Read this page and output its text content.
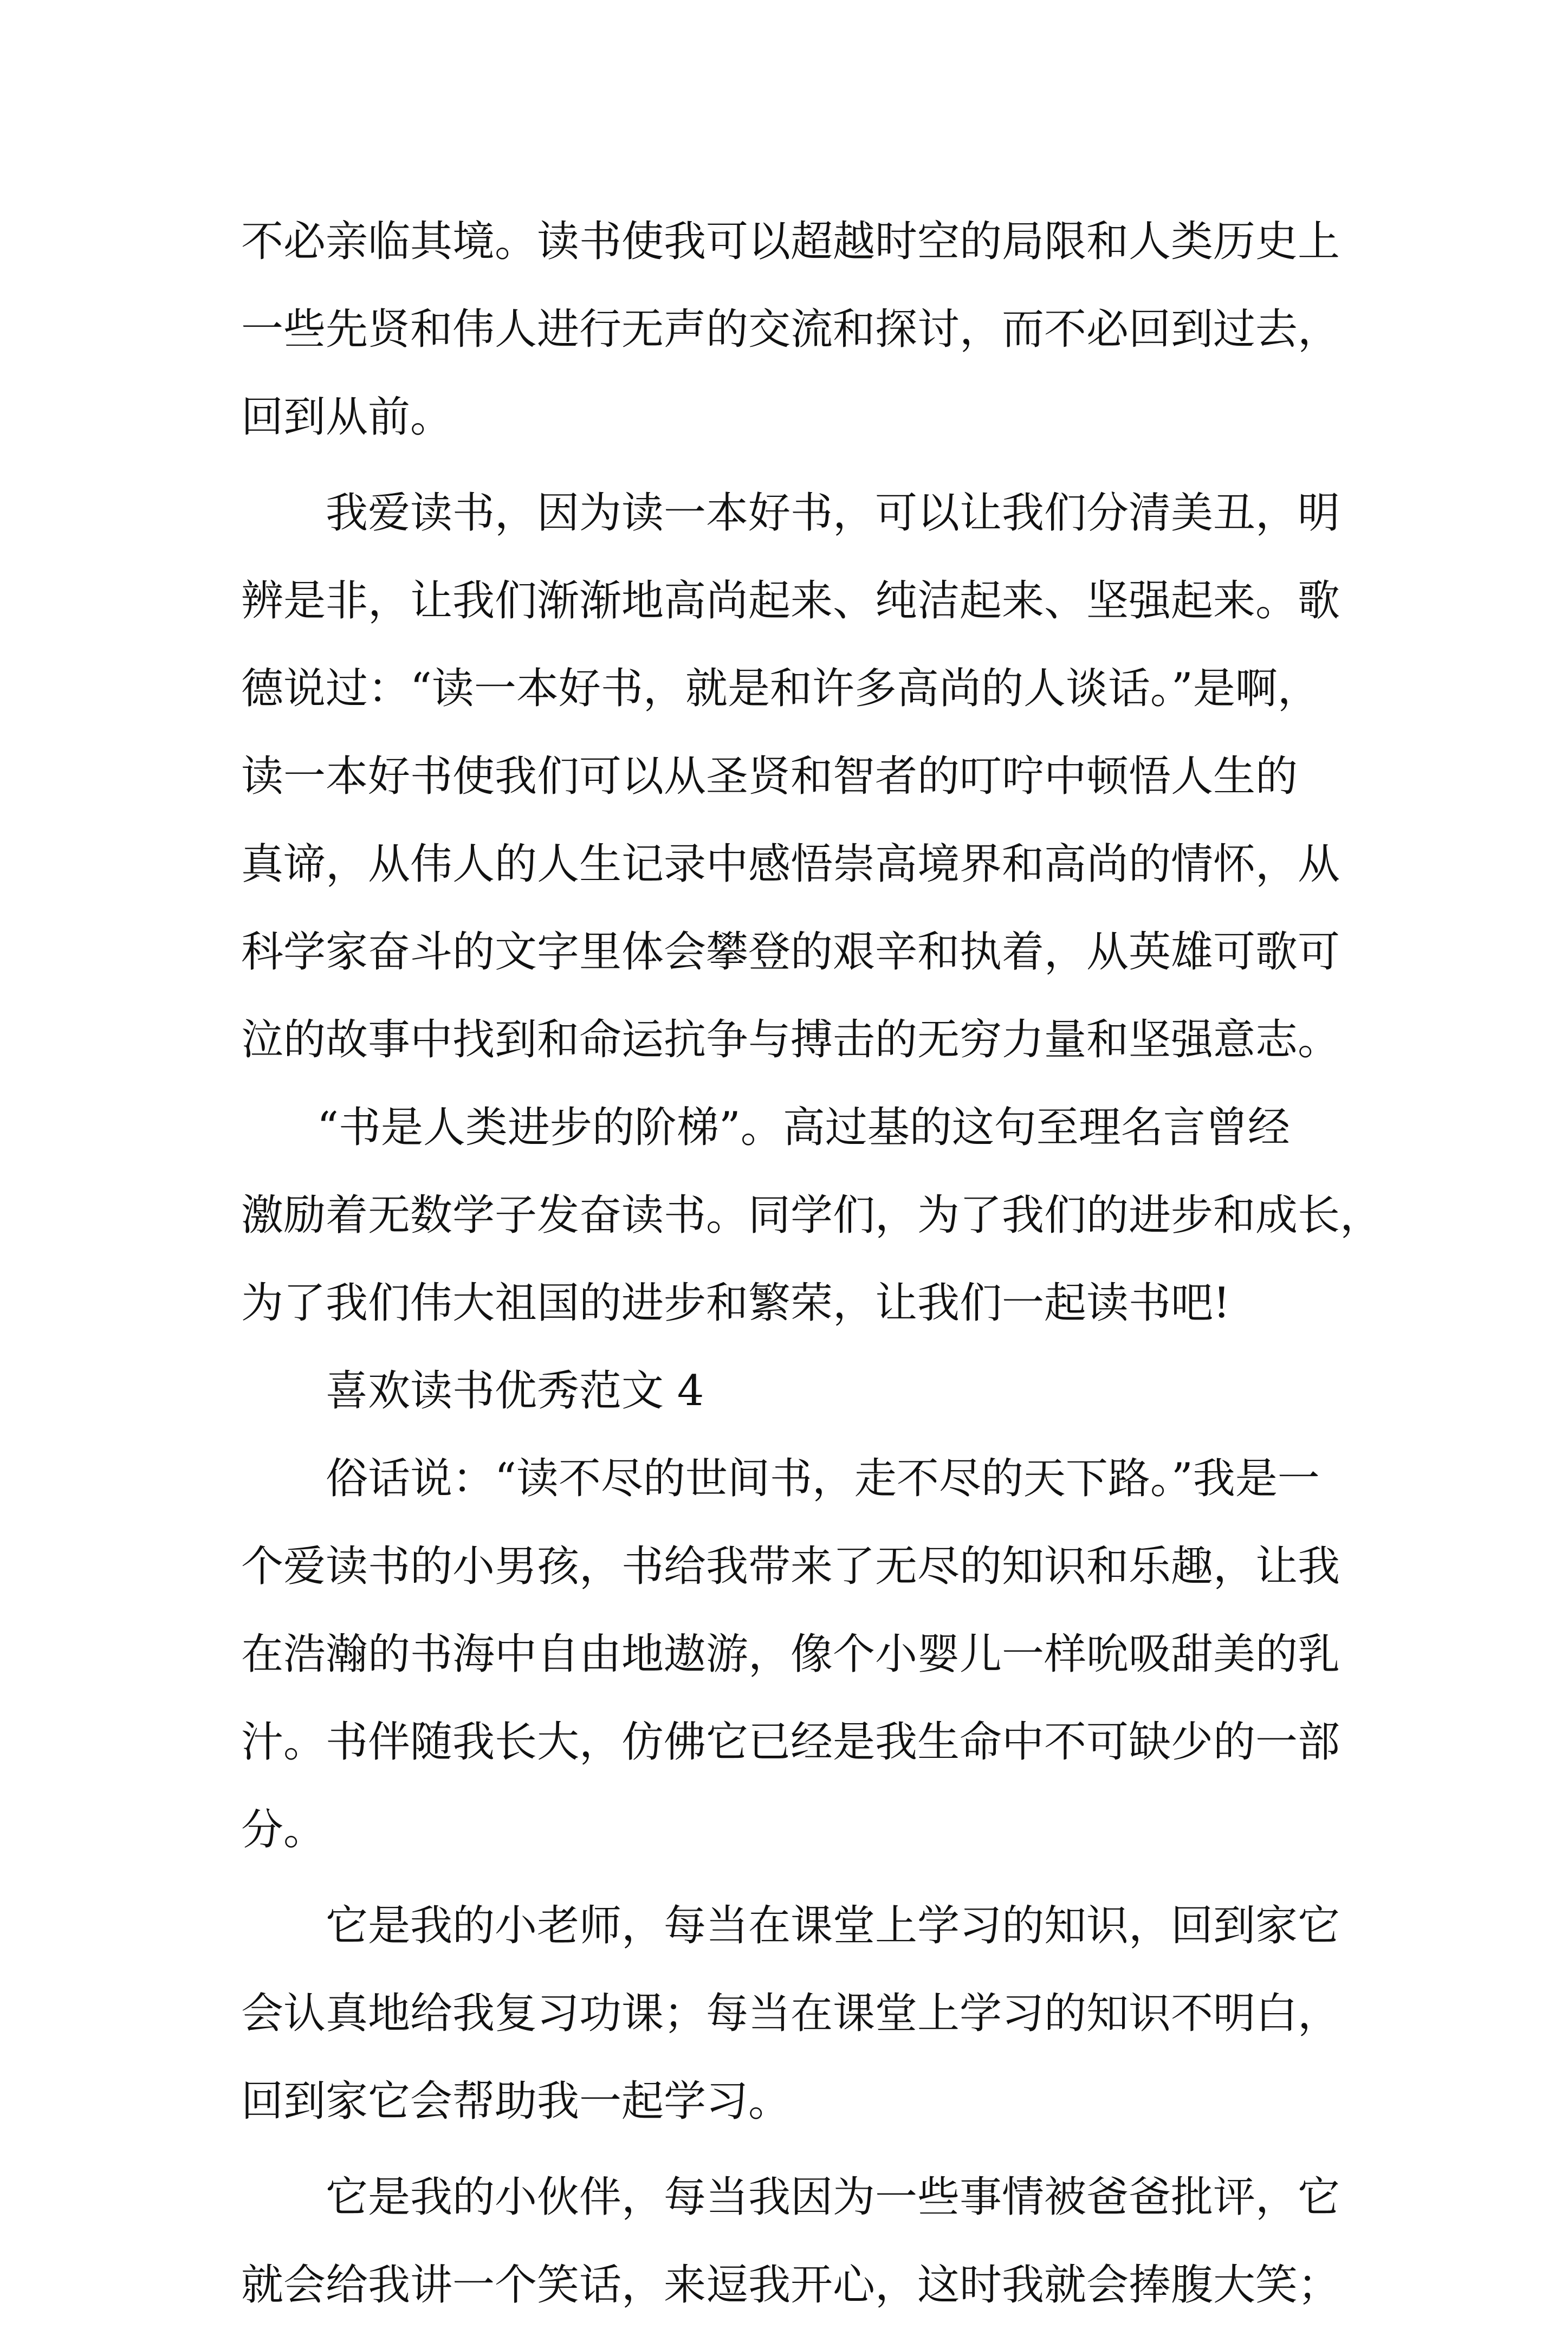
不必亲临其境。读书使我可以超越时空的局限和人类历史上
一些先贤和伟人进行无声的交流和探讨，而不必回到过去，
回到从前。
我爱读书，因为读一本好书，可以让我们分清美丑，明
辨是非，让我们渐渐地高尚起来、纯洁起来、坚强起来。歌
德说过：“读一本好书，就是和许多高尚的人谈话。”是啊，
读一本好书使我们可以从圣贤和智者的叮咛中顿悟人生的
真谛，从伟人的人生记录中感悟崇高境界和高尚的情怀，从
科学家奋斗的文字里体会攀登的艰辛和执着，从英雄可歌可
泣的故事中找到和命运抗争与搏击的无穷力量和坚强意志。
“书是人类进步的阶梯”。高过基的这句至理名言曾经
激励着无数学子发奋读书。同学们，为了我们的进步和成长，
为了我们伟大祖国的进步和繁荣，让我们一起读书吧!
喜欢读书优秀范文 4
俗话说：“读不尽的世间书，走不尽的天下路。”我是一
个爱读书的小男孩，书给我带来了无尽的知识和乐趣，让我
在浩瀚的书海中自由地遨游，像个小婴儿一样吮吸甜美的乳
汁。书伴随我长大，仿佛它已经是我生命中不可缺少的一部
分。
它是我的小老师，每当在课堂上学习的知识，回到家它
会认真地给我复习功课；每当在课堂上学习的知识不明白，
回到家它会帮助我一起学习。
它是我的小伙伴，每当我因为一些事情被爸爸批评，它
就会给我讲一个笑话，来逗我开心，这时我就会捧腹大笑；
